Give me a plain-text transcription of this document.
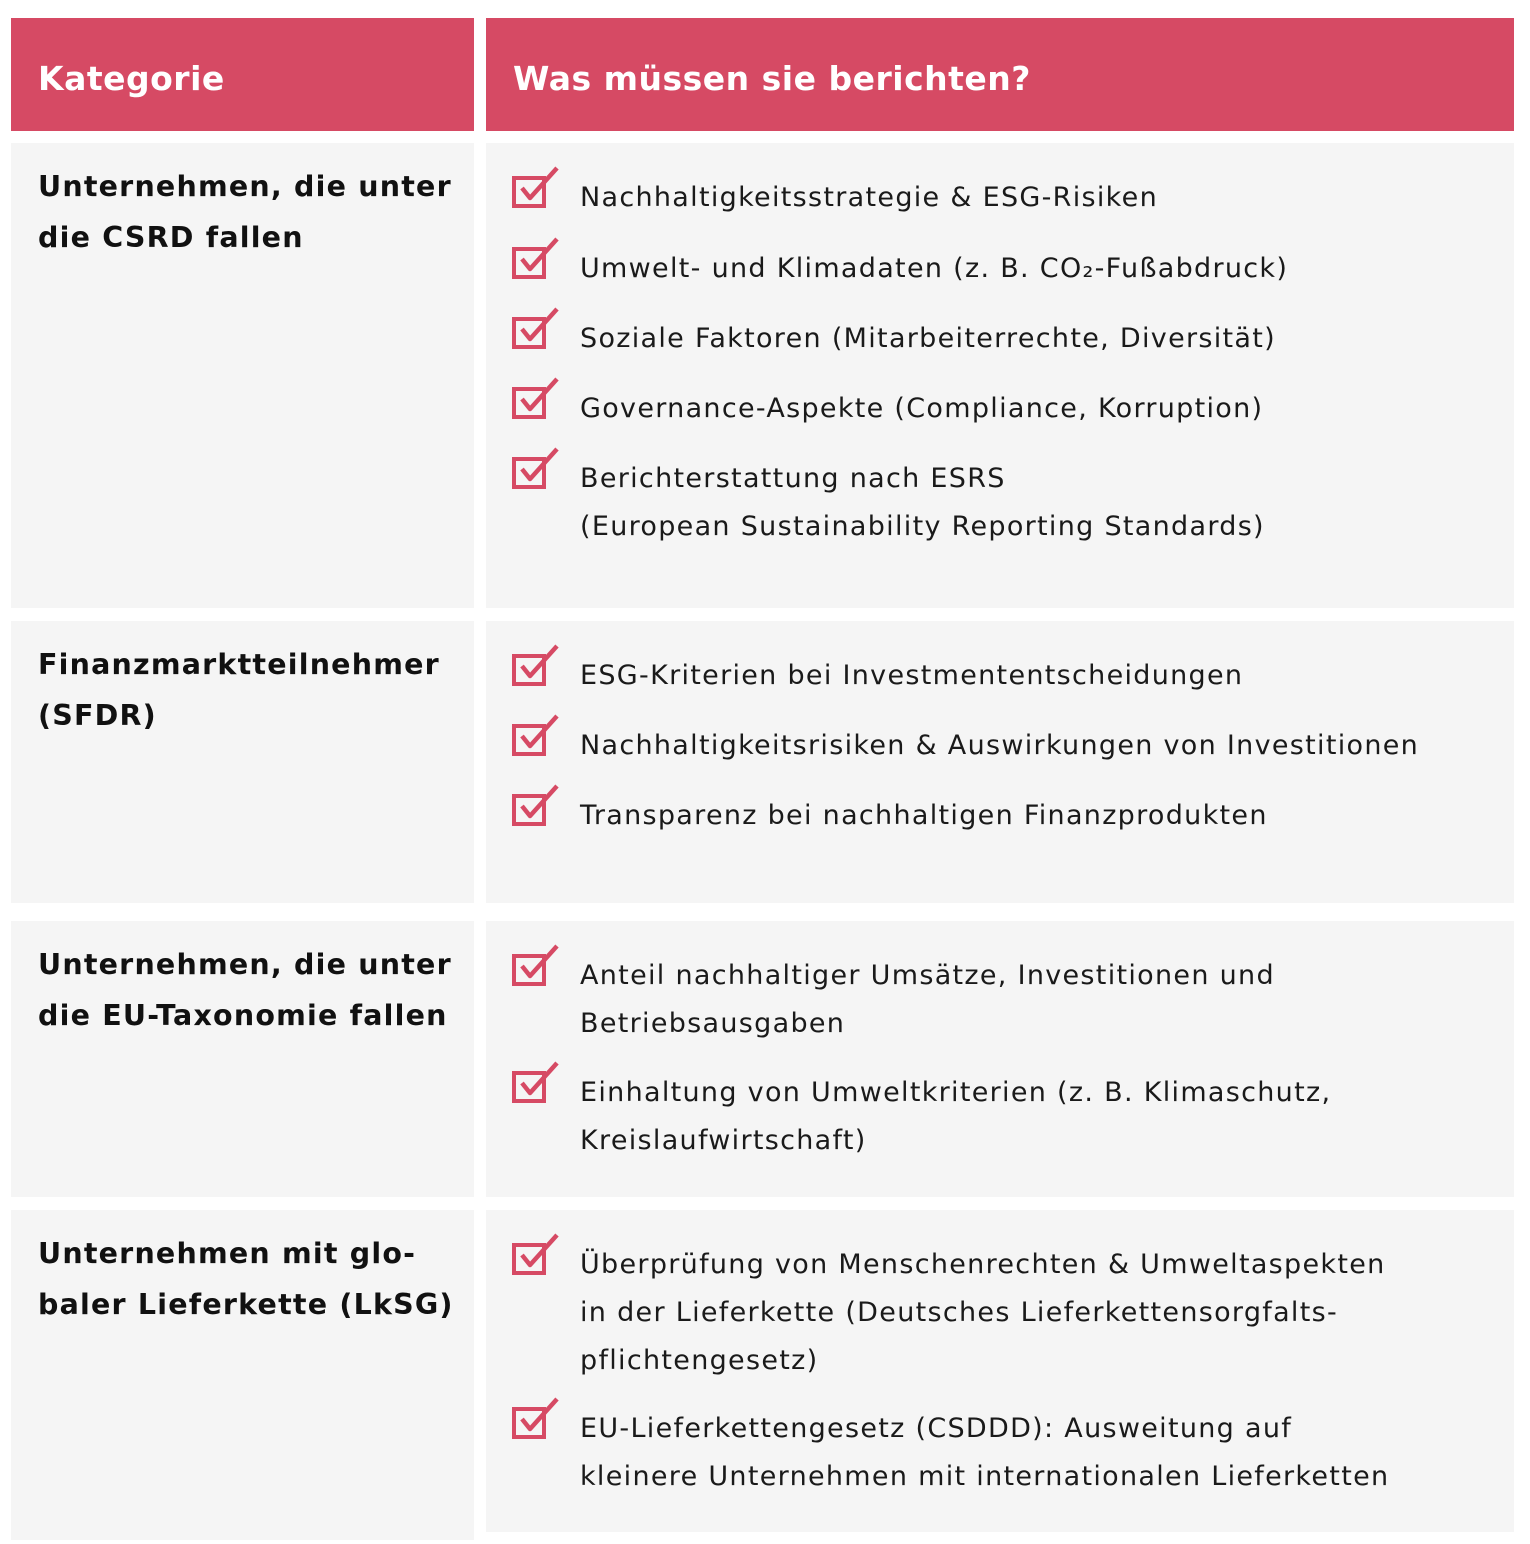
Kategorie	Was müssen sie berichten?
Unternehmen, die unter
die CSRD fallen
Nachhaltigkeitsstrategie & ESG-Risiken
Umwelt- und Klimadaten (z. B. CO₂-Fußabdruck)
Soziale Faktoren (Mitarbeiterrechte, Diversität)
Governance-Aspekte (Compliance, Korruption)
Berichterstattung nach ESRS
(European Sustainability Reporting Standards)
Finanzmarktteilnehmer
(SFDR)
ESG-Kriterien bei Investmententscheidungen
Nachhaltigkeitsrisiken & Auswirkungen von Investitionen
Transparenz bei nachhaltigen Finanzprodukten
Unternehmen, die unter
die EU-Taxonomie fallen
Anteil nachhaltiger Umsätze, Investitionen und
Betriebsausgaben
Einhaltung von Umweltkriterien (z. B. Klimaschutz,
Kreislaufwirtschaft)
Unternehmen mit glo-
baler Lieferkette (LkSG)
Überprüfung von Menschenrechten & Umweltaspekten
in der Lieferkette (Deutsches Lieferkettensorgfalts-
pflichtengesetz)
EU-Lieferkettengesetz (CSDDD): Ausweitung auf
kleinere Unternehmen mit internationalen Lieferketten
